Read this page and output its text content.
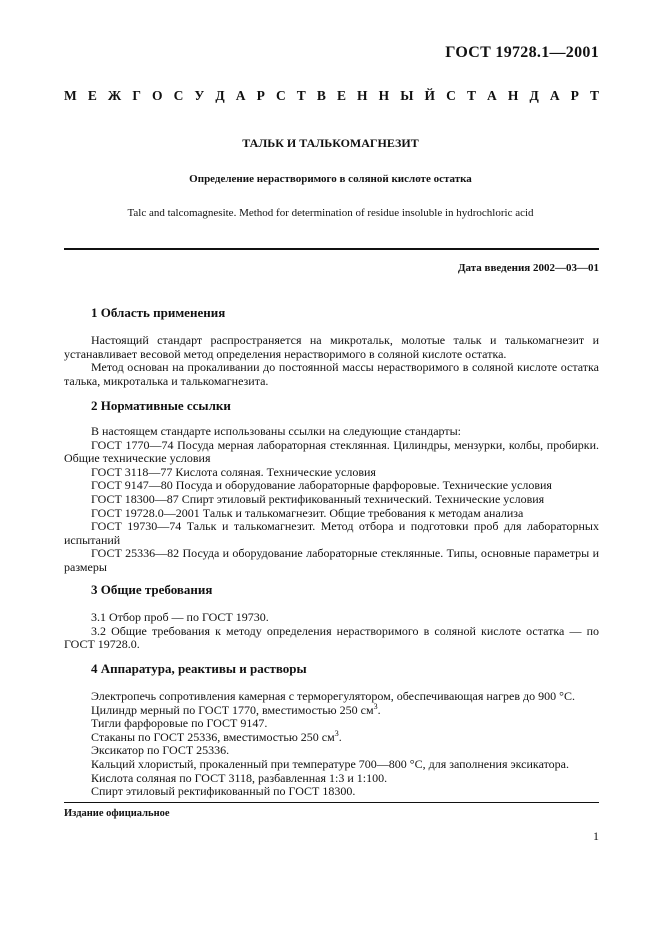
ГОСТ 19728.1—2001
М Е Ж Г О С У Д А Р С Т В Е Н Н Ы Й С Т А Н Д А Р Т
ТАЛЬК И ТАЛЬКОМАГНЕЗИТ
Определение нерастворимого в соляной кислоте остатка
Talc and talcomagnesite. Method for determination of residue insoluble in hydrochloric acid
Дата введения 2002—03—01
1 Область применения

Настоящий стандарт распространяется на микротальк, молотые тальк и талькомагнезит и устанавливает весовой метод определения нерастворимого в соляной кислоте остатка.

Метод основан на прокаливании до постоянной массы нерастворимого в соляной кислоте остатка талька, микроталька и талькомагнезита.

2 Нормативные ссылки

В настоящем стандарте использованы ссылки на следующие стандарты:

ГОСТ 1770—74 Посуда мерная лабораторная стеклянная. Цилиндры, мензурки, колбы, пробирки. Общие технические условия

ГОСТ 3118—77 Кислота соляная. Технические условия

ГОСТ 9147—80 Посуда и оборудование лабораторные фарфоровые. Технические условия

ГОСТ 18300—87 Спирт этиловый ректификованный технический. Технические условия

ГОСТ 19728.0—2001 Тальк и талькомагнезит. Общие требования к методам анализа

ГОСТ 19730—74 Тальк и талькомагнезит. Метод отбора и подготовки проб для лабораторных испытаний

ГОСТ 25336—82 Посуда и оборудование лабораторные стеклянные. Типы, основные параметры и размеры

3 Общие требования

3.1 Отбор проб — по ГОСТ 19730.

3.2 Общие требования к методу определения нерастворимого в соляной кислоте остатка — по ГОСТ 19728.0.

4 Аппаратура, реактивы и растворы

Электропечь сопротивления камерная с терморегулятором, обеспечивающая нагрев до 900 °С.

Цилиндр мерный по ГОСТ 1770, вместимостью 250 $см^3$.

Тигли фарфоровые по ГОСТ 9147.

Стаканы по ГОСТ 25336, вместимостью 250 $см^3$.

Эксикатор по ГОСТ 25336.

Кальций хлористый, прокаленный при температуре 700—800 °С, для заполнения эксикатора.

Кислота соляная по ГОСТ 3118, разбавленная 1:3 и 1:100.

Спирт этиловый ректификованный по ГОСТ 18300.

Издание официальное
1
